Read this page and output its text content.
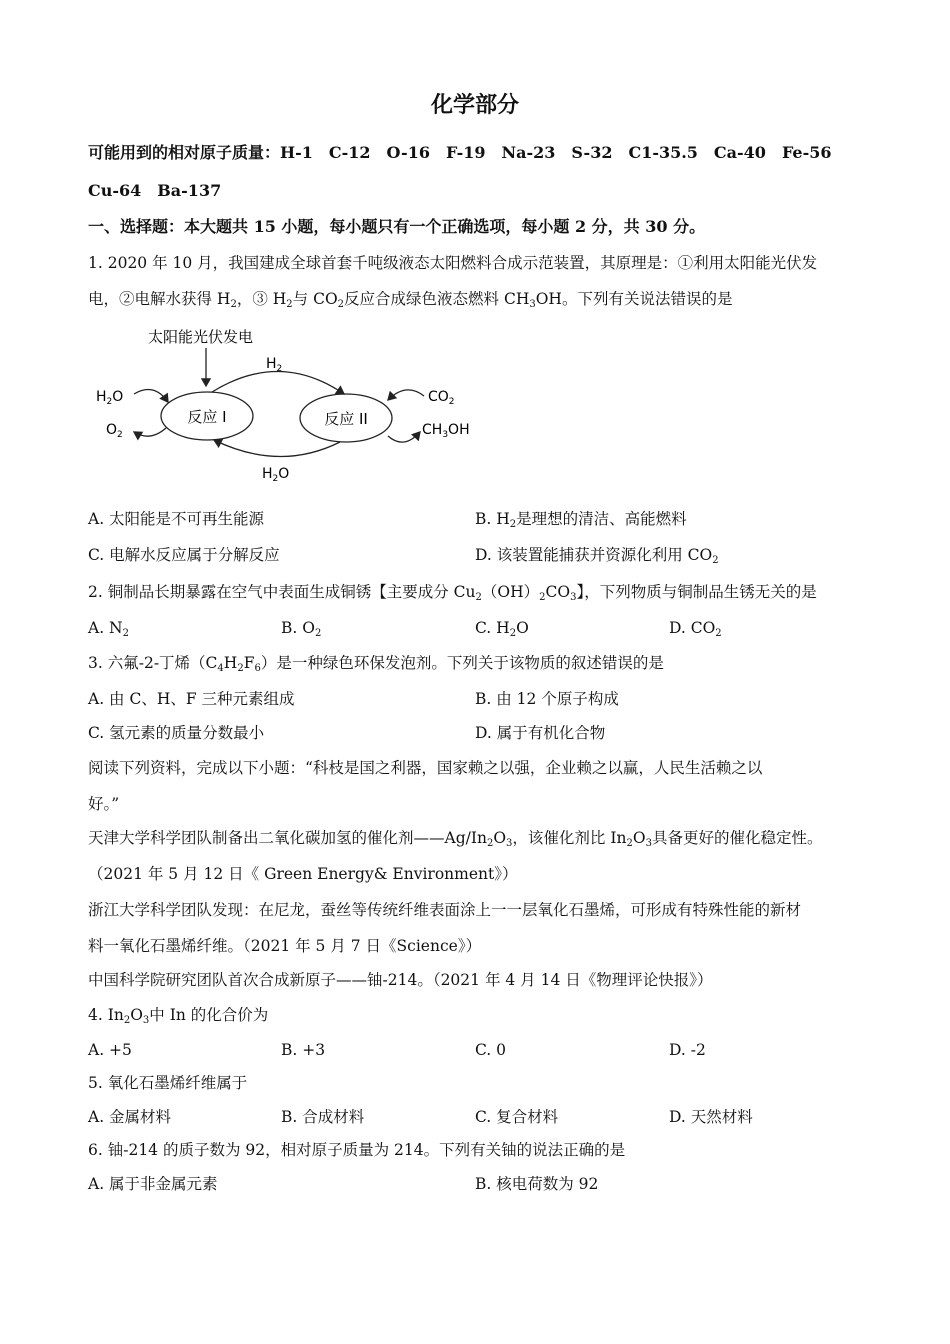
化学部分
可能用到的相对原子质量：H-1　C-12　O-16　F-19　Na-23　S-32　C1-35.5　Ca-40　Fe-56
Cu-64　Ba-137
一、选择题：本大题共 15 小题，每小题只有一个正确选项，每小题 2 分，共 30 分。
1. 2020 年 10 月，我国建成全球首套千吨级液态太阳燃料合成示范装置，其原理是：①利用太阳能光伏发
电，②电解水获得 $H_2$，③ $H_2$与 $CO_2$反应合成绿色液态燃料 $CH_3OH$。下列有关说法错误的是
太阳能光伏发电
反应 I	反应 II
$H_2$
$H_2O$
$H_2O$
$O_2$
$CO_2$
$CH_3OH$
A. 太阳能是不可再生能源	B. $H_2$是理想的清洁、高能燃料
C. 电解水反应属于分解反应	D. 该装置能捕获并资源化利用 $CO_2$
2. 铜制品长期暴露在空气中表面生成铜锈【主要成分 $Cu_2(OH)_2CO_3$】，下列物质与铜制品生锈无关的是
A. $N_2$	B. $O_2$	C. $H_2O$	D. $CO_2$
3. 六氟-2-丁烯$(C_4H_2F_6)$是一种绿色环保发泡剂。下列关于该物质的叙述错误的是
A. 由 C、H、F 三种元素组成	B. 由 12 个原子构成
C. 氢元素的质量分数最小	D. 属于有机化合物
阅读下列资料，完成以下小题：“科枝是国之利器，国家赖之以强，企业赖之以赢，人民生活赖之以
好。”
天津大学科学团队制备出二氧化碳加氢的催化剂$——Ag/In_2O_3$，该催化剂比 $In_2O_3$具备更好的催化稳定性。
（2021 年 5 月 12 日《 Green Energy& Environment》）
浙江大学科学团队发现：在尼龙，蚕丝等传统纤维表面涂上一一层氧化石墨烯，可形成有特殊性能的新材
料一氧化石墨烯纤维。（2021 年 5 月 7 日《Science》）
中国科学院研究团队首次合成新原子——铀-214。（2021 年 4 月 14 日《物理评论快报》）
4. $In_2O_3$中 In 的化合价为
A. +5	B. +3	C. 0	D. -2
5. 氧化石墨烯纤维属于
A. 金属材料	B. 合成材料	C. 复合材料	D. 天然材料
6. 铀-214 的质子数为 92，相对原子质量为 214。下列有关铀的说法正确的是
A. 属于非金属元素	B. 核电荷数为 92
